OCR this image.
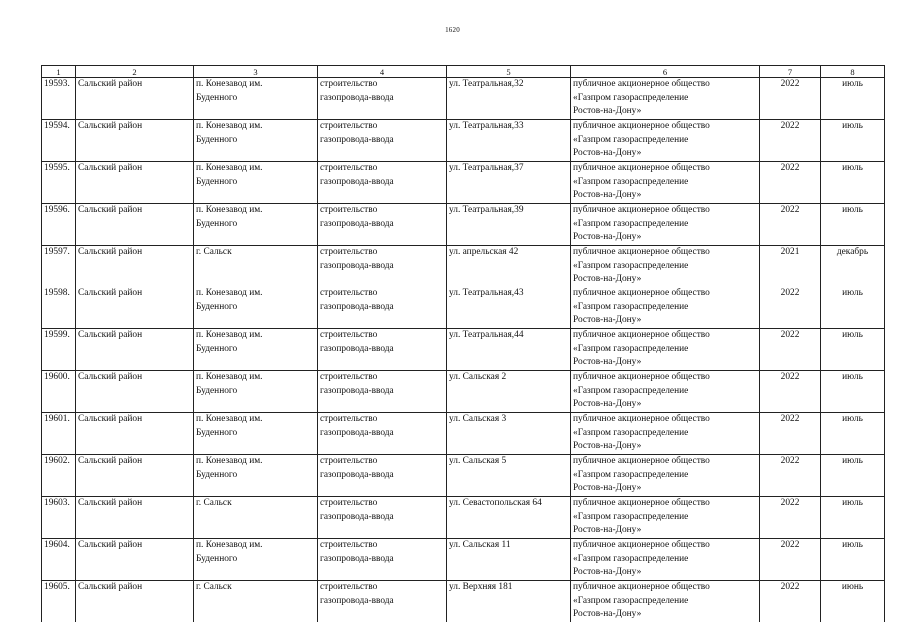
1620
1	2	3	4	5	6	7	8
19593.	Сальский район	п. Конезавод им.
Буденного	строительство
газопровода-ввода	ул. Театральная,32	публичное акционерное общество
«Газпром газораспределение
Ростов-на-Дону»	2022	июль
19594.	Сальский район	п. Конезавод им.
Буденного	строительство
газопровода-ввода	ул. Театральная,33	публичное акционерное общество
«Газпром газораспределение
Ростов-на-Дону»	2022	июль
19595.	Сальский район	п. Конезавод им.
Буденного	строительство
газопровода-ввода	ул. Театральная,37	публичное акционерное общество
«Газпром газораспределение
Ростов-на-Дону»	2022	июль
19596.	Сальский район	п. Конезавод им.
Буденного	строительство
газопровода-ввода	ул. Театральная,39	публичное акционерное общество
«Газпром газораспределение
Ростов-на-Дону»	2022	июль
19597.	Сальский район	г. Сальск	строительство
газопровода-ввода	ул. апрельская 42	публичное акционерное общество
«Газпром газораспределение
Ростов-на-Дону»	2021	декабрь
19598.	Сальский район	п. Конезавод им.
Буденного	строительство
газопровода-ввода	ул. Театральная,43	публичное акционерное общество
«Газпром газораспределение
Ростов-на-Дону»	2022	июль
19599.	Сальский район	п. Конезавод им.
Буденного	строительство
газопровода-ввода	ул. Театральная,44	публичное акционерное общество
«Газпром газораспределение
Ростов-на-Дону»	2022	июль
19600.	Сальский район	п. Конезавод им.
Буденного	строительство
газопровода-ввода	ул. Сальская 2	публичное акционерное общество
«Газпром газораспределение
Ростов-на-Дону»	2022	июль
19601.	Сальский район	п. Конезавод им.
Буденного	строительство
газопровода-ввода	ул. Сальская 3	публичное акционерное общество
«Газпром газораспределение
Ростов-на-Дону»	2022	июль
19602.	Сальский район	п. Конезавод им.
Буденного	строительство
газопровода-ввода	ул. Сальская 5	публичное акционерное общество
«Газпром газораспределение
Ростов-на-Дону»	2022	июль
19603.	Сальский район	г. Сальск	строительство
газопровода-ввода	ул. Севастопольская 64	публичное акционерное общество
«Газпром газораспределение
Ростов-на-Дону»	2022	июль
19604.	Сальский район	п. Конезавод им.
Буденного	строительство
газопровода-ввода	ул. Сальская 11	публичное акционерное общество
«Газпром газораспределение
Ростов-на-Дону»	2022	июль
19605.	Сальский район	г. Сальск	строительство
газопровода-ввода	ул. Верхняя 181	публичное акционерное общество
«Газпром газораспределение
Ростов-на-Дону»	2022	июнь
